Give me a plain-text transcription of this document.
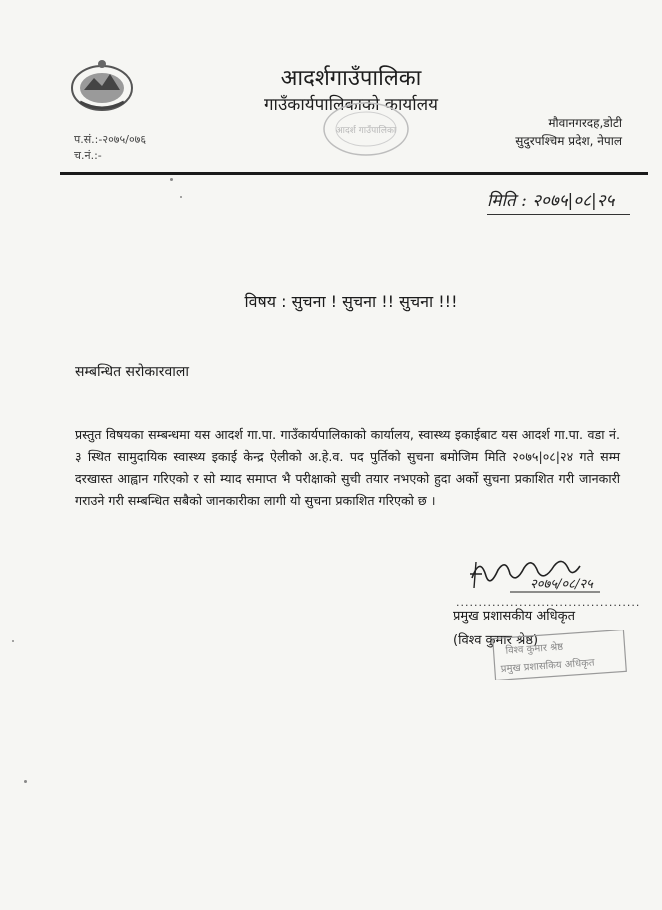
आदर्शगाउँपालिका
गाउँकार्यपालिकाको कार्यालय
आदर्श गाउँपालिका
प.सं.:-२०७५/०७६
च.नं.:-
मौवानगरदह,डोटी
सुदुरपश्चिम प्रदेश, नेपाल
मिति : २०७५|०८|२५
विषय : सुचना ! सुचना !! सुचना !!!
सम्बन्धित सरोकारवाला
प्रस्तुत विषयका सम्बन्धमा यस आदर्श गा.पा. गाउँकार्यपालिकाको कार्यालय, स्वास्थ्य इकाईबाट यस आदर्श गा.पा. वडा नं. ३ स्थित सामुदायिक स्वास्थ्य इकाई केन्द्र ऐलीको अ.हे.व. पद पुर्तिको सुचना बमोजिम मिति २०७५|०८|२४ गते सम्म दरखास्त आह्वान गरिएको र सो म्याद समाप्त भै परीक्षाको सुची तयार नभएको हुदा अर्को सुचना प्रकाशित गरी जानकारी गराउने गरी सम्बन्धित सबैको जानकारीका लागी यो सुचना प्रकाशित गरिएको छ ।
२०७५/०८/२५
.........................................
प्रमुख प्रशासकीय अधिकृत
(विश्व कुमार श्रेष्ठ)
विश्व कुमार श्रेष्ठ
प्रमुख प्रशासकिय अधिकृत
